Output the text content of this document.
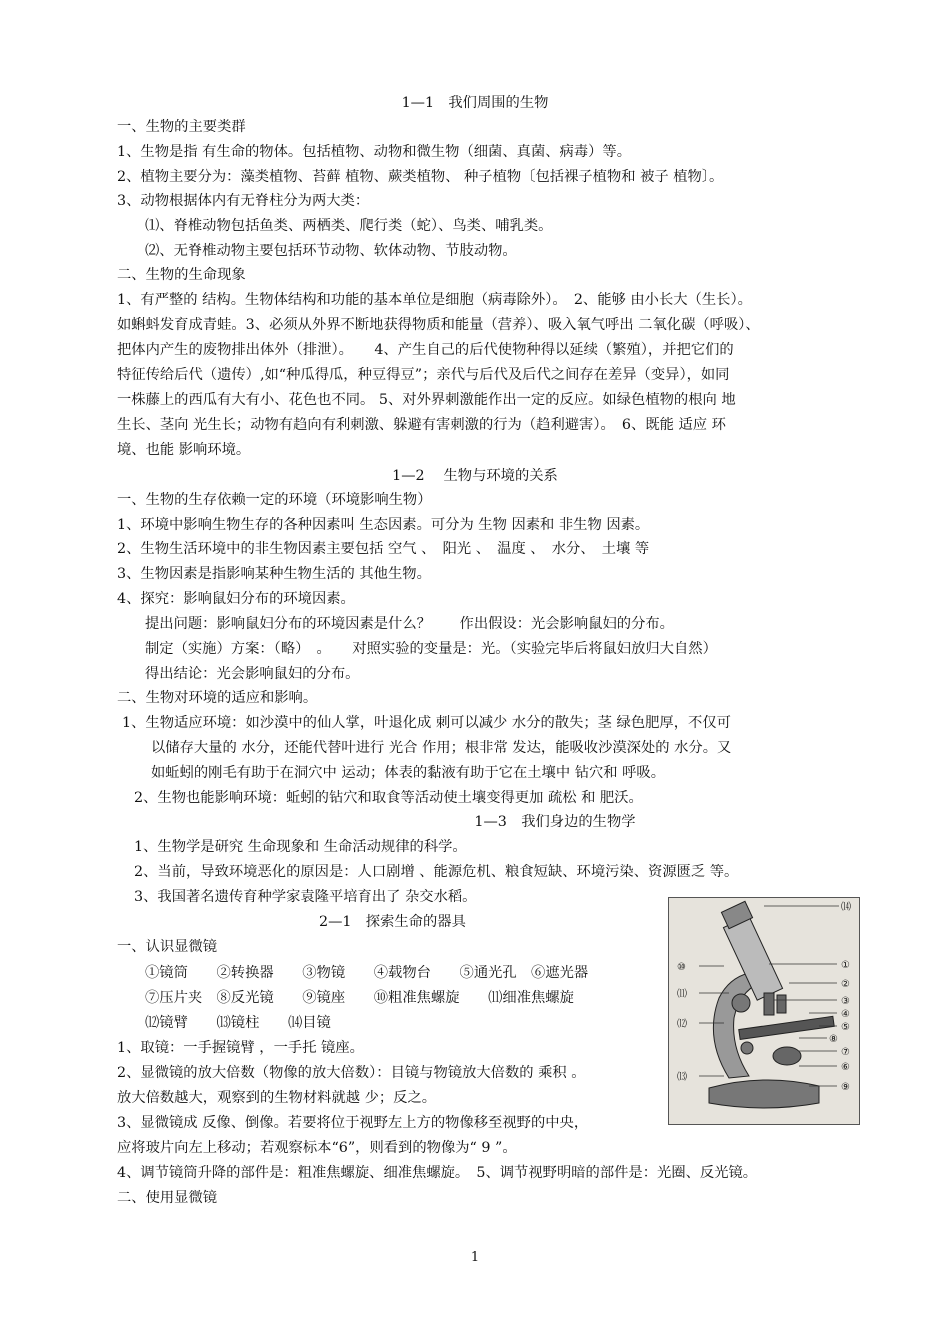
1—1　我们周围的生物
一、生物的主要类群
1、生物是指 有生命的物体。包括植物、动物和微生物（细菌、真菌、病毒）等。
2、植物主要分为：藻类植物、苔藓 植物、蕨类植物、 种子植物〔包括裸子植物和 被子 植物〕。
3、动物根据体内有无脊柱分为两大类：
⑴、脊椎动物包括鱼类、两栖类、爬行类（蛇）、鸟类、哺乳类。
⑵、无脊椎动物主要包括环节动物、软体动物、节肢动物。
二、生物的生命现象
1、有严整的 结构。生物体结构和功能的基本单位是细胞（病毒除外）。　2、能够 由小长大（生长）。
如蝌蚪发育成青蛙。3、必须从外界不断地获得物质和能量（营养）、吸入氧气呼出 二氧化碳（呼吸）、
把体内产生的废物排出体外（排泄）。　　4、产生自己的后代使物种得以延续（繁殖），并把它们的
特征传给后代（遗传）,如“种瓜得瓜，种豆得豆”；亲代与后代及后代之间存在差异（变异），如同
一株藤上的西瓜有大有小、花色也不同。 5、对外界刺激能作出一定的反应。如绿色植物的根向 地
生长、茎向 光生长；动物有趋向有利刺激、躲避有害刺激的行为（趋利避害）。　6、既能 适应 环
境、也能 影响环境。
1—2　 生物与环境的关系
一、生物的生存依赖一定的环境（环境影响生物）
1、环境中影响生物生存的各种因素叫 生态因素。可分为 生物 因素和 非生物 因素。
2、生物生活环境中的非生物因素主要包括 空气 、　阳光 、　温度 、　水分、　土壤 等
3、生物因素是指影响某种生物生活的 其他生物。
4、探究：影响鼠妇分布的环境因素。
提出问题：影响鼠妇分布的环境因素是什么？　　作出假设：光会影响鼠妇的分布。
制定（实施）方案：（略）　。　　对照实验的变量是：光。（实验完毕后将鼠妇放归大自然）
得出结论：光会影响鼠妇的分布。
二、生物对环境的适应和影响。
1、生物适应环境：如沙漠中的仙人掌，叶退化成 刺可以减少 水分的散失；茎 绿色肥厚，不仅可
以储存大量的 水分，还能代替叶进行 光合 作用；根非常 发达，能吸收沙漠深处的 水分。又
如蚯蚓的刚毛有助于在洞穴中 运动；体表的黏液有助于它在土壤中 钻穴和 呼吸。
2、生物也能影响环境：蚯蚓的钻穴和取食等活动使土壤变得更加 疏松 和 肥沃。
1—3　我们身边的生物学
1、生物学是研究 生命现象和 生命活动规律的科学。
2、当前，导致环境恶化的原因是：人口剧增 、能源危机、粮食短缺、环境污染、资源匮乏 等。
3、我国著名遗传育种学家袁隆平培育出了 杂交水稻。
2—1　探索生命的器具
一、认识显微镜
①镜筒　　②转换器　　③物镜　　④载物台　　⑤通光孔　⑥遮光器
⑦压片夹　⑧反光镜　　⑨镜座　　⑩粗准焦螺旋　　⑾细准焦螺旋
⑿镜臂　　⒀镜柱　　⒁目镜
1、取镜：一手握镜臂 ，一手托 镜座。
2、显微镜的放大倍数（物像的放大倍数）：目镜与物镜放大倍数的 乘积 。
放大倍数越大，观察到的生物材料就越 少；反之。
3、显微镜成 反像、倒像。若要将位于视野左上方的物像移至视野的中央，
应将玻片向左上移动；若观察标本“6”，则看到的物像为“ 9 ”。
4、调节镜筒升降的部件是：粗准焦螺旋、细准焦螺旋。　5、调节视野明暗的部件是：光圈、反光镜。
二、使用显微镜
⒁
⑩
⑾
⑿
⒀
①
②
③
④
⑤
⑧
⑦
⑥
⑨
1
